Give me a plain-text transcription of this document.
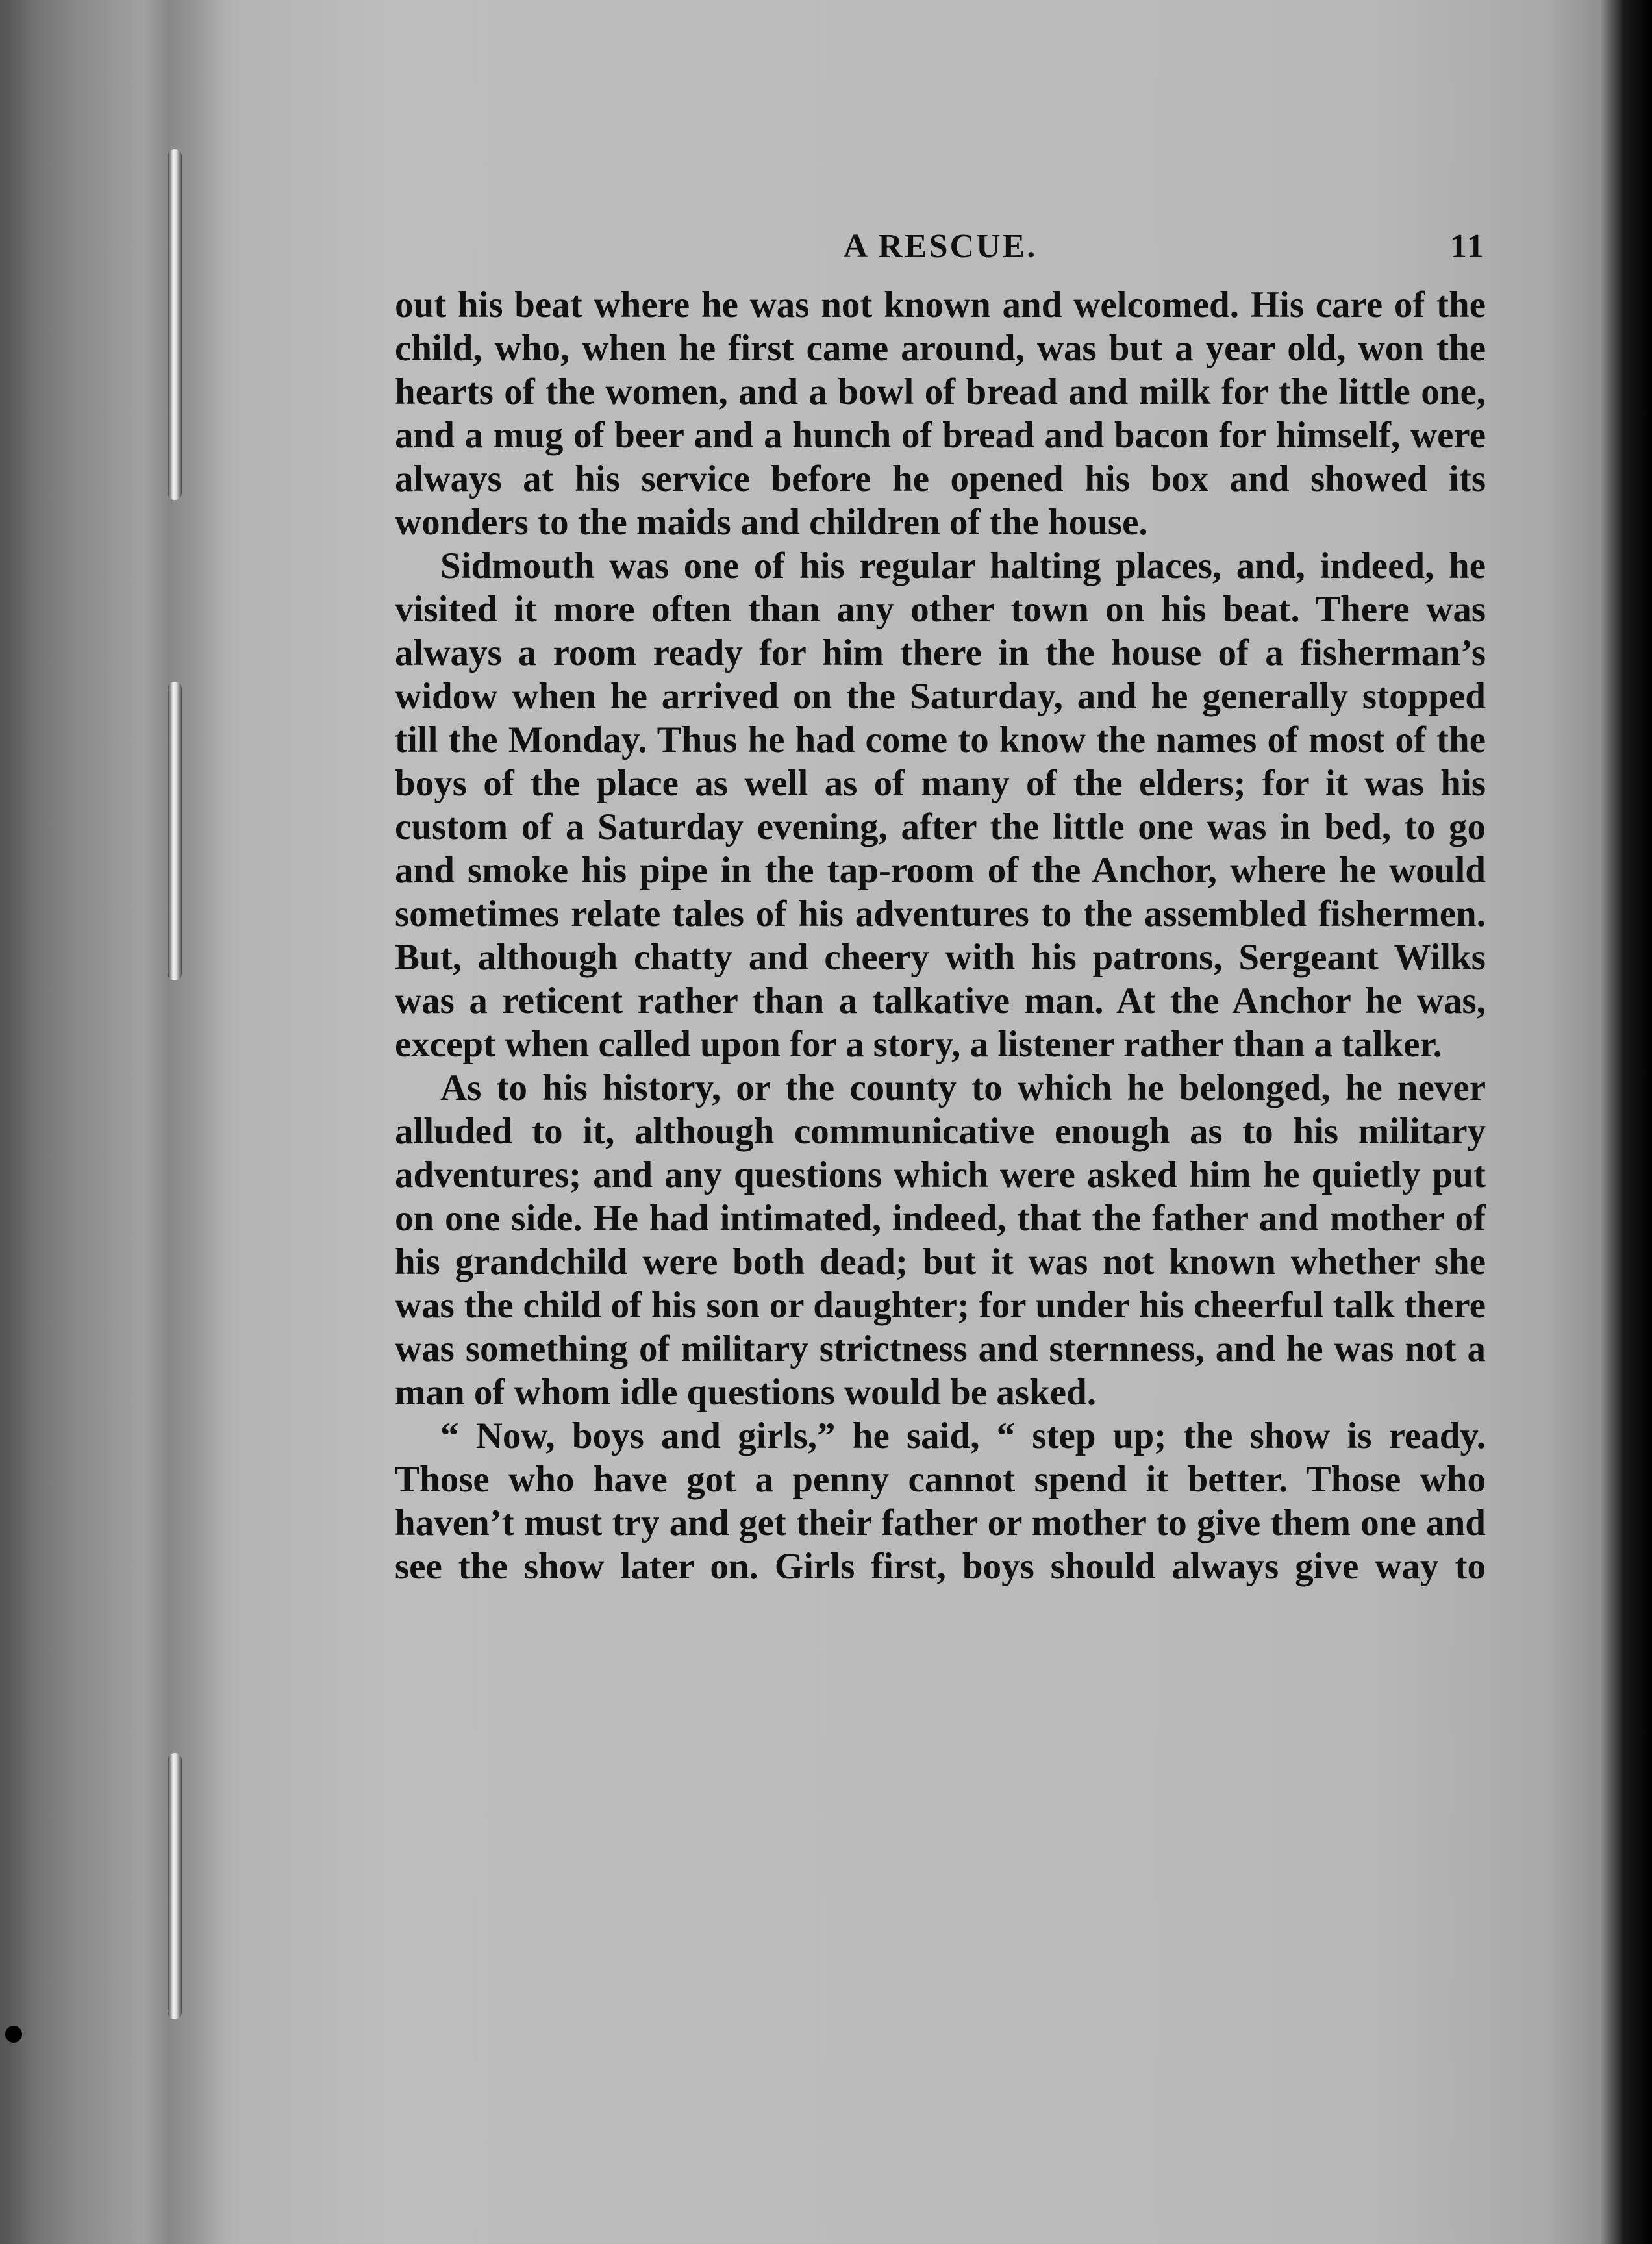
A RESCUE.	11

out his beat where he was not known and welcomed. His care of the child, who, when he first came around, was but a year old, won the hearts of the women, and a bowl of bread and milk for the little one, and a mug of beer and a hunch of bread and bacon for himself, were always at his service before he opened his box and showed its wonders to the maids and children of the house.

Sidmouth was one of his regular halting places, and, indeed, he visited it more often than any other town on his beat. There was always a room ready for him there in the house of a fisherman’s widow when he arrived on the Saturday, and he generally stopped till the Monday. Thus he had come to know the names of most of the boys of the place as well as of many of the elders; for it was his custom of a Saturday evening, after the little one was in bed, to go and smoke his pipe in the tap-room of the Anchor, where he would sometimes relate tales of his adventures to the assembled fishermen. But, although chatty and cheery with his patrons, Sergeant Wilks was a reticent rather than a talkative man. At the Anchor he was, except when called upon for a story, a listener rather than a talker.

As to his history, or the county to which he belonged, he never alluded to it, although communicative enough as to his military adventures; and any questions which were asked him he quietly put on one side. He had intimated, indeed, that the father and mother of his grandchild were both dead; but it was not known whether she was the child of his son or daughter; for under his cheerful talk there was something of military strictness and sternness, and he was not a man of whom idle questions would be asked.

“ Now, boys and girls,” he said, “ step up; the show is ready. Those who have got a penny cannot spend it better. Those who haven’t must try and get their father or mother to give them one and see the show later on. Girls first, boys should always give way to
